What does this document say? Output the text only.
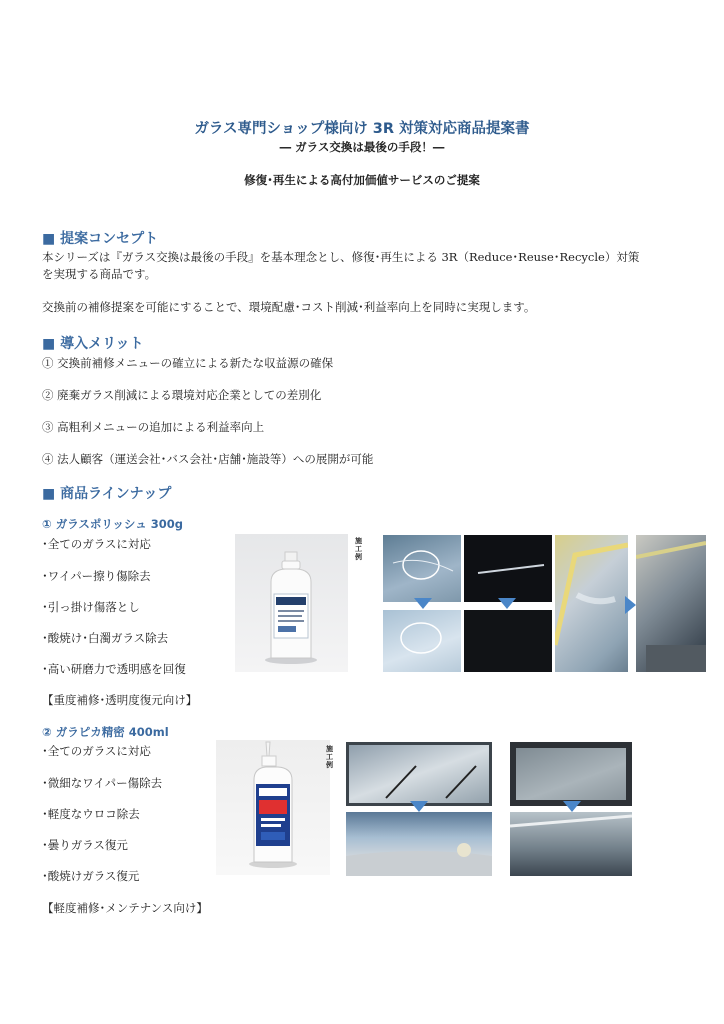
ガラス専門ショップ様向け 3R 対策対応商品提案書
― ガラス交換は最後の手段！―
修復･再生による高付加価値サービスのご提案
■ 提案コンセプト
本シリーズは『ガラス交換は最後の手段』を基本理念とし、修復･再生による 3R（Reduce･Reuse･Recycle）対策
を実現する商品です。
交換前の補修提案を可能にすることで、環境配慮･コスト削減･利益率向上を同時に実現します。
■ 導入メリット
① 交換前補修メニューの確立による新たな収益源の確保
② 廃棄ガラス削減による環境対応企業としての差別化
③ 高粗利メニューの追加による利益率向上
④ 法人顧客（運送会社･バス会社･店舗･施設等）への展開が可能
■ 商品ラインナップ
① ガラスポリッシュ 300g
･全てのガラスに対応
･ワイパー擦り傷除去
･引っ掛け傷落とし
･酸焼け･白濁ガラス除去
･高い研磨力で透明感を回復
【重度補修･透明度復元向け】
施工例
② ガラピカ精密 400ml
･全てのガラスに対応
･微細なワイパー傷除去
･軽度なウロコ除去
･曇りガラス復元
･酸焼けガラス復元
【軽度補修･メンテナンス向け】
施工例
